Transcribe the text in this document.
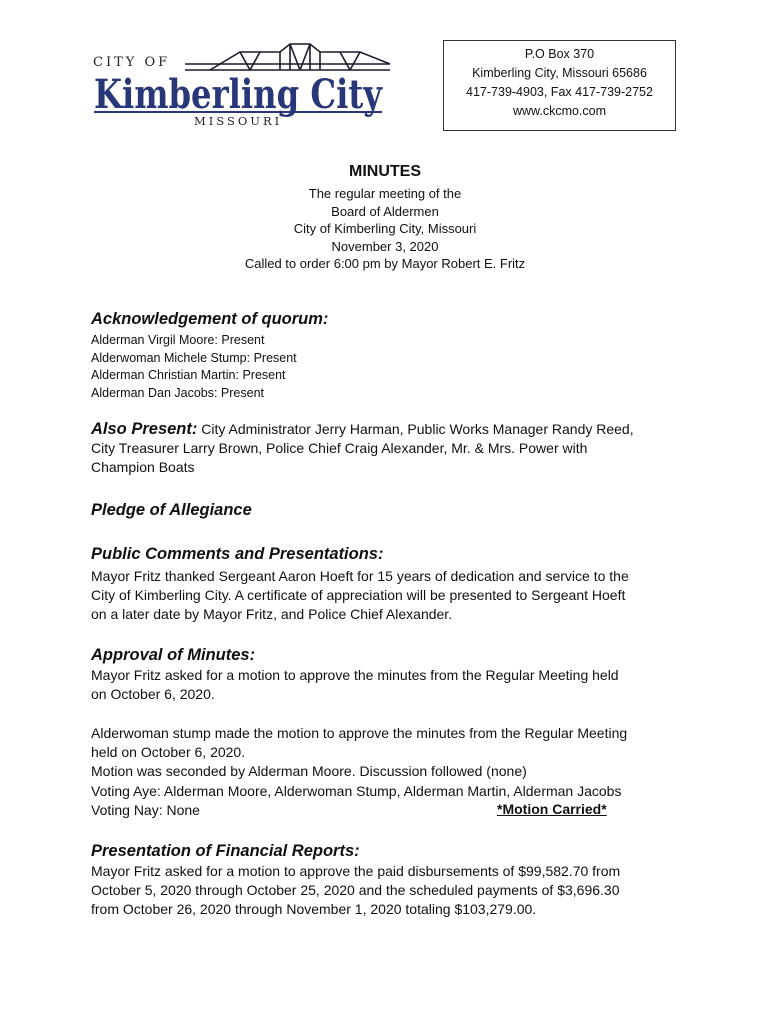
CITY OF
Kimberling City
MISSOURI
P.O Box 370
Kimberling City, Missouri 65686
417-739-4903, Fax 417-739-2752
www.ckcmo.com
MINUTES
The regular meeting of the
Board of Aldermen
City of Kimberling City, Missouri
November 3, 2020
Called to order 6:00 pm by Mayor Robert E. Fritz
Acknowledgement of quorum:
Alderman Virgil Moore: Present
Alderwoman Michele Stump: Present
Alderman Christian Martin: Present
Alderman Dan Jacobs: Present
Also Present: City Administrator Jerry Harman, Public Works Manager Randy Reed,
City Treasurer Larry Brown, Police Chief Craig Alexander, Mr. & Mrs. Power with
Champion Boats
Pledge of Allegiance
Public Comments and Presentations:
Mayor Fritz thanked Sergeant Aaron Hoeft for 15 years of dedication and service to the
City of Kimberling City. A certificate of appreciation will be presented to Sergeant Hoeft
on a later date by Mayor Fritz, and Police Chief Alexander.
Approval of Minutes:
Mayor Fritz asked for a motion to approve the minutes from the Regular Meeting held
on October 6, 2020.
Alderwoman stump made the motion to approve the minutes from the Regular Meeting
held on October 6, 2020.
Motion was seconded by Alderman Moore. Discussion followed (none)
Voting Aye: Alderman Moore, Alderwoman Stump, Alderman Martin, Alderman Jacobs
Voting Nay: None	*Motion Carried*
Presentation of Financial Reports:
Mayor Fritz asked for a motion to approve the paid disbursements of $99,582.70 from
October 5, 2020 through October 25, 2020 and the scheduled payments of $3,696.30
from October 26, 2020 through November 1, 2020 totaling $103,279.00.
